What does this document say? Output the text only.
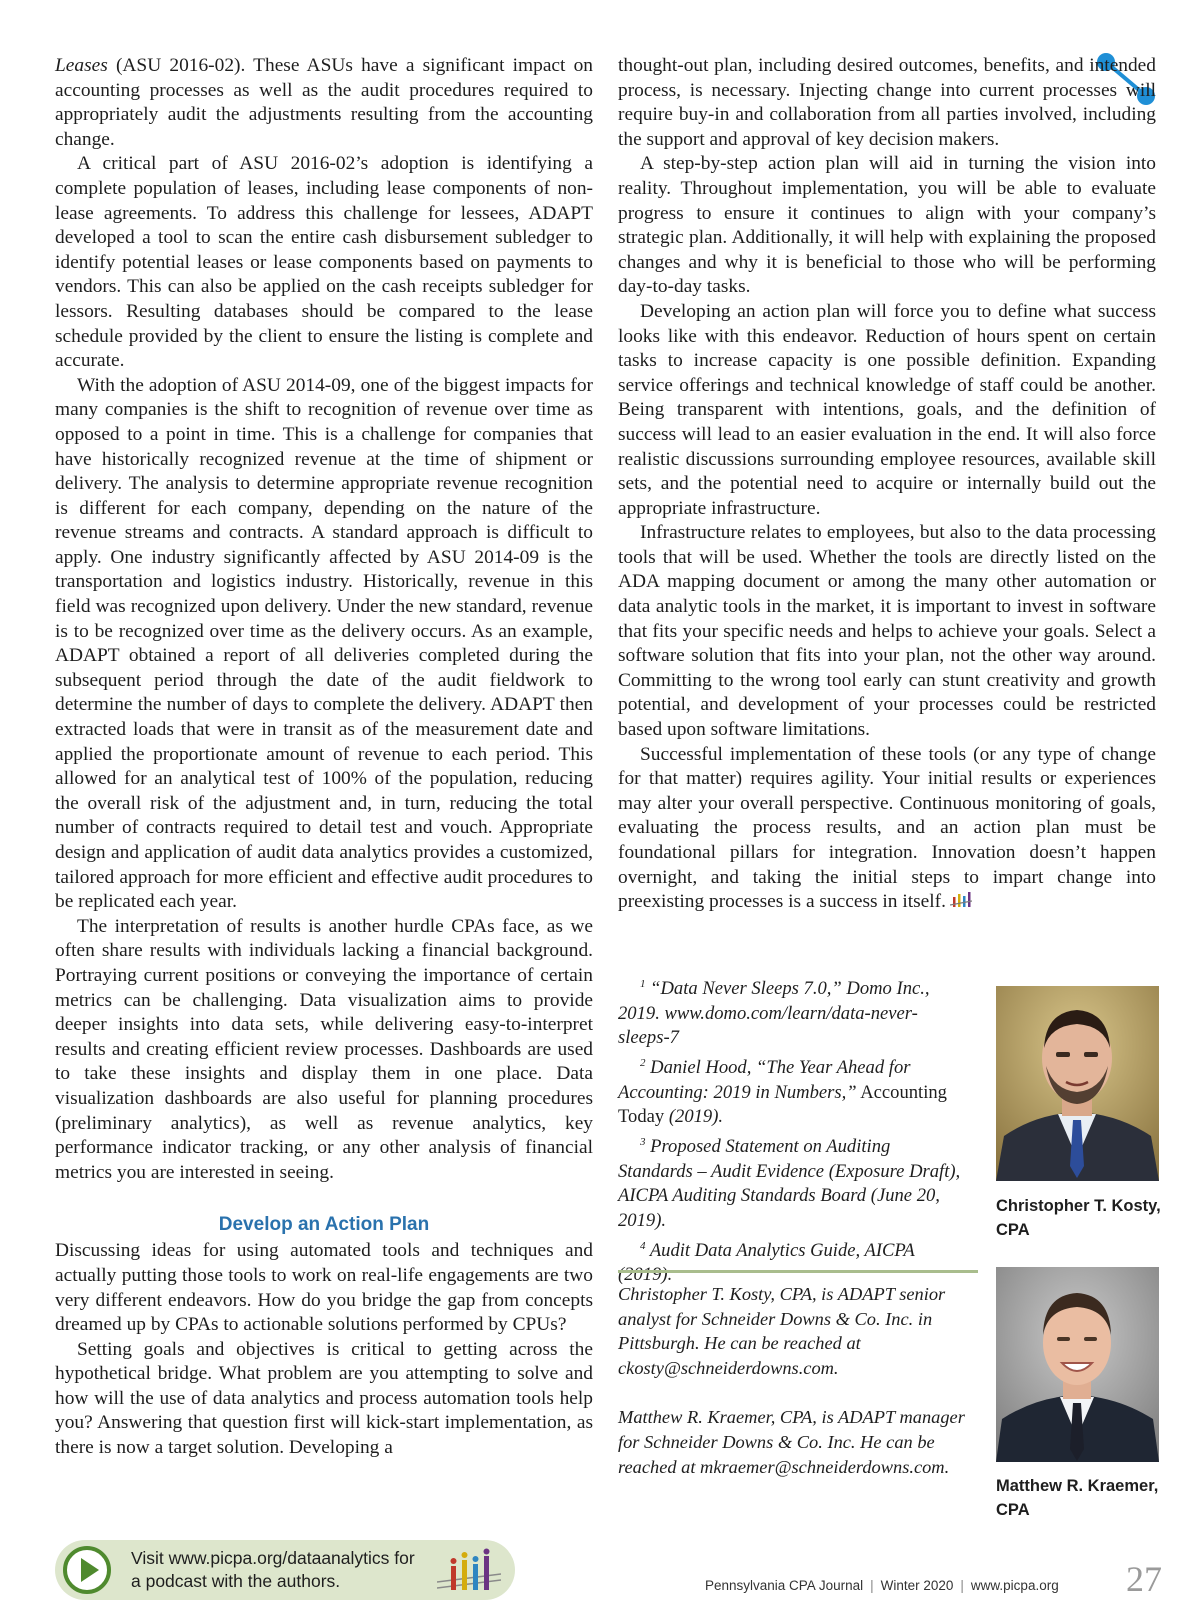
Leases (ASU 2016-02). These ASUs have a significant impact on accounting processes as well as the audit procedures required to appropriately audit the adjustments resulting from the accounting change.

A critical part of ASU 2016-02’s adoption is identifying a complete population of leases, including lease components of non-lease agreements. To address this challenge for lessees, ADAPT developed a tool to scan the entire cash disbursement subledger to identify potential leases or lease components based on payments to vendors. This can also be applied on the cash receipts subledger for lessors. Resulting databases should be compared to the lease schedule provided by the client to ensure the listing is complete and accurate.

With the adoption of ASU 2014-09, one of the biggest impacts for many companies is the shift to recognition of revenue over time as opposed to a point in time. This is a challenge for companies that have historically recognized revenue at the time of shipment or delivery. The analysis to determine appropriate revenue recognition is different for each company, depending on the nature of the revenue streams and contracts. A standard approach is difficult to apply. One industry significantly affected by ASU 2014-09 is the transportation and logistics industry. Historically, revenue in this field was recognized upon delivery. Under the new standard, revenue is to be recognized over time as the delivery occurs. As an example, ADAPT obtained a report of all deliveries completed during the subsequent period through the date of the audit fieldwork to determine the number of days to complete the delivery. ADAPT then extracted loads that were in transit as of the measurement date and applied the proportionate amount of revenue to each period. This allowed for an analytical test of 100% of the population, reducing the overall risk of the adjustment and, in turn, reducing the total number of contracts required to detail test and vouch. Appropriate design and application of audit data analytics provides a customized, tailored approach for more efficient and effective audit procedures to be replicated each year.

The interpretation of results is another hurdle CPAs face, as we often share results with individuals lacking a financial background. Portraying current positions or conveying the importance of certain metrics can be challenging. Data visualization aims to provide deeper insights into data sets, while delivering easy-to-interpret results and creating efficient review processes. Dashboards are used to take these insights and display them in one place. Data visualization dashboards are also useful for planning procedures (preliminary analytics), as well as revenue analytics, key performance indicator tracking, or any other analysis of financial metrics you are interested in seeing.

Develop an Action Plan

Discussing ideas for using automated tools and techniques and actually putting those tools to work on real-life engagements are two very different endeavors. How do you bridge the gap from concepts dreamed up by CPAs to actionable solutions performed by CPUs?

Setting goals and objectives is critical to getting across the hypothetical bridge. What problem are you attempting to solve and how will the use of data analytics and process automation tools help you? Answering that question first will kick-start implementation, as there is now a target solution. Developing a

thought-out plan, including desired outcomes, benefits, and intended process, is necessary. Injecting change into current processes will require buy-in and collaboration from all parties involved, including the support and approval of key decision makers.

A step-by-step action plan will aid in turning the vision into reality. Throughout implementation, you will be able to evaluate progress to ensure it continues to align with your company’s strategic plan. Additionally, it will help with explaining the proposed changes and why it is beneficial to those who will be performing day-to-day tasks.

Developing an action plan will force you to define what success looks like with this endeavor. Reduction of hours spent on certain tasks to increase capacity is one possible definition. Expanding service offerings and technical knowledge of staff could be another. Being transparent with intentions, goals, and the definition of success will lead to an easier evaluation in the end. It will also force realistic discussions surrounding employee resources, available skill sets, and the potential need to acquire or internally build out the appropriate infrastructure.

Infrastructure relates to employees, but also to the data processing tools that will be used. Whether the tools are directly listed on the ADA mapping document or among the many other automation or data analytic tools in the market, it is important to invest in software that fits your specific needs and helps to achieve your goals. Select a software solution that fits into your plan, not the other way around. Committing to the wrong tool early can stunt creativity and growth potential, and development of your processes could be restricted based upon software limitations.

Successful implementation of these tools (or any type of change for that matter) requires agility. Your initial results or experiences may alter your overall perspective. Continuous monitoring of goals, evaluating the process results, and an action plan must be foundational pillars for integration. Innovation doesn’t happen overnight, and taking the initial steps to impart change into preexisting processes is a success in itself.

$^1$ “Data Never Sleeps 7.0,” Domo Inc., 2019. www.domo.com/learn/data-never-sleeps-7

$^2$ Daniel Hood, “The Year Ahead for Accounting: 2019 in Numbers,” Accounting Today (2019).

$^3$ Proposed Statement on Auditing Standards – Audit Evidence (Exposure Draft), AICPA Auditing Standards Board (June 20, 2019).

$^4$ Audit Data Analytics Guide, AICPA (2019).

Christopher T. Kosty, CPA, is ADAPT senior analyst for Schneider Downs & Co. Inc. in Pittsburgh. He can be reached at ckosty@schneiderdowns.com.

Matthew R. Kraemer, CPA, is ADAPT manager for Schneider Downs & Co. Inc. He can be reached at mkraemer@schneiderdowns.com.

Christopher T. Kosty, CPA
Matthew R. Kraemer, CPA
Visit www.picpa.org/dataanalytics for
a podcast with the authors.	Pennsylvania CPA Journal | Winter 2020 | www.picpa.org 27
